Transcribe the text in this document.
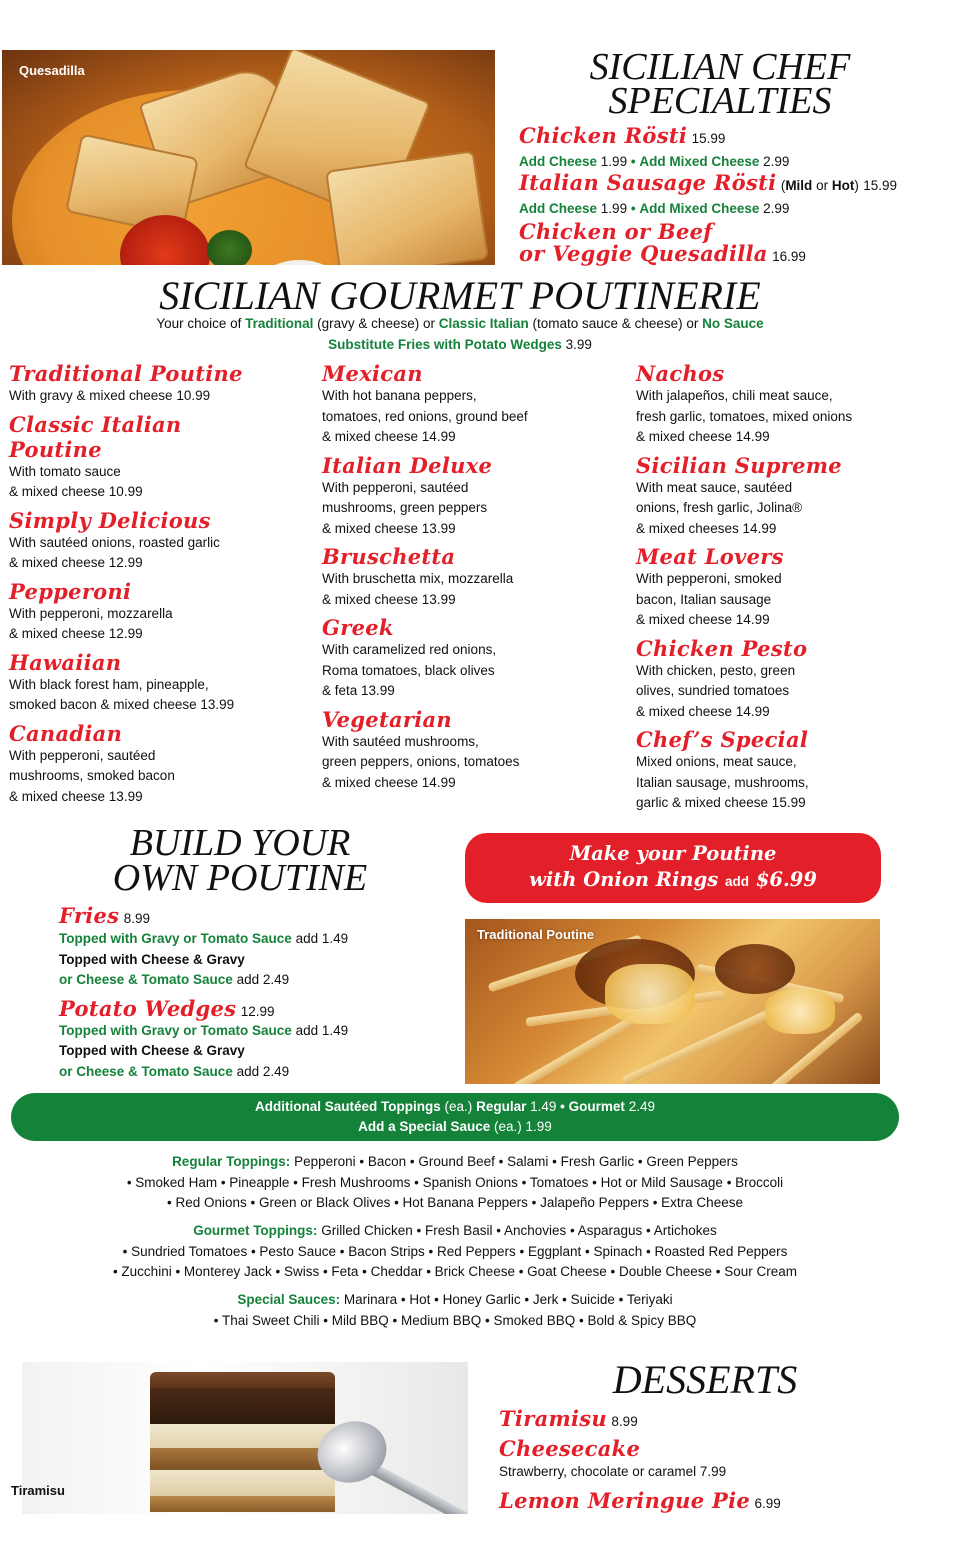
Quesadilla	SICILIAN CHEF
SPECIALTIES
Chicken Rösti 15.99
Add Cheese 1.99 • Add Mixed Cheese 2.99
Italian Sausage Rösti (Mild or Hot) 15.99
Add Cheese 1.99 • Add Mixed Cheese 2.99
Chicken or Beef
or Veggie Quesadilla 16.99
SICILIAN GOURMET POUTINERIE
Your choice of Traditional (gravy & cheese) or Classic Italian (tomato sauce & cheese) or No Sauce
Substitute Fries with Potato Wedges 3.99
Traditional Poutine
With gravy & mixed cheese 10.99
Classic Italian Poutine
With tomato sauce
& mixed cheese 10.99
Simply Delicious
With sautéed onions, roasted garlic
& mixed cheese 12.99
Pepperoni
With pepperoni, mozzarella
& mixed cheese 12.99
Hawaiian
With black forest ham, pineapple,
smoked bacon & mixed cheese 13.99
Canadian
With pepperoni, sautéed
mushrooms, smoked bacon
& mixed cheese 13.99
Mexican
With hot banana peppers,
tomatoes, red onions, ground beef
& mixed cheese 14.99
Italian Deluxe
With pepperoni, sautéed
mushrooms, green peppers
& mixed cheese 13.99
Bruschetta
With bruschetta mix, mozzarella
& mixed cheese 13.99
Greek
With caramelized red onions,
Roma tomatoes, black olives
& feta 13.99
Vegetarian
With sautéed mushrooms,
green peppers, onions, tomatoes
& mixed cheese 14.99
Nachos
With jalapeños, chili meat sauce,
fresh garlic, tomatoes, mixed onions
& mixed cheese 14.99
Sicilian Supreme
With meat sauce, sautéed
onions, fresh garlic, Jolina®
& mixed cheeses 14.99
Meat Lovers
With pepperoni, smoked
bacon, Italian sausage
& mixed cheese 14.99
Chicken Pesto
With chicken, pesto, green
olives, sundried tomatoes
& mixed cheese 14.99
Chef’s Special
Mixed onions, meat sauce,
Italian sausage, mushrooms,
garlic & mixed cheese 15.99
BUILD YOUR
OWN POUTINE
Fries 8.99
Topped with Gravy or Tomato Sauce add 1.49
Topped with Cheese & Gravy
or Cheese & Tomato Sauce add 2.49
Potato Wedges 12.99
Topped with Gravy or Tomato Sauce add 1.49
Topped with Cheese & Gravy
or Cheese & Tomato Sauce add 2.49
Make your Poutine
with Onion Rings add $6.99
Traditional Poutine
Additional Sautéed Toppings (ea.) Regular 1.49 • Gourmet 2.49
Add a Special Sauce (ea.) 1.99
Regular Toppings: Pepperoni • Bacon • Ground Beef • Salami • Fresh Garlic • Green Peppers
• Smoked Ham • Pineapple • Fresh Mushrooms • Spanish Onions • Tomatoes • Hot or Mild Sausage • Broccoli
• Red Onions • Green or Black Olives • Hot Banana Peppers • Jalapeño Peppers • Extra Cheese
Gourmet Toppings: Grilled Chicken • Fresh Basil • Anchovies • Asparagus • Artichokes
• Sundried Tomatoes • Pesto Sauce • Bacon Strips • Red Peppers • Eggplant • Spinach • Roasted Red Peppers
• Zucchini • Monterey Jack • Swiss • Feta • Cheddar • Brick Cheese • Goat Cheese • Double Cheese • Sour Cream
Special Sauces: Marinara • Hot • Honey Garlic • Jerk • Suicide • Teriyaki
• Thai Sweet Chili • Mild BBQ • Medium BBQ • Smoked BBQ • Bold & Spicy BBQ
Tiramisu
DESSERTS
Tiramisu 8.99
Cheesecake
Strawberry, chocolate or caramel 7.99
Lemon Meringue Pie 6.99
